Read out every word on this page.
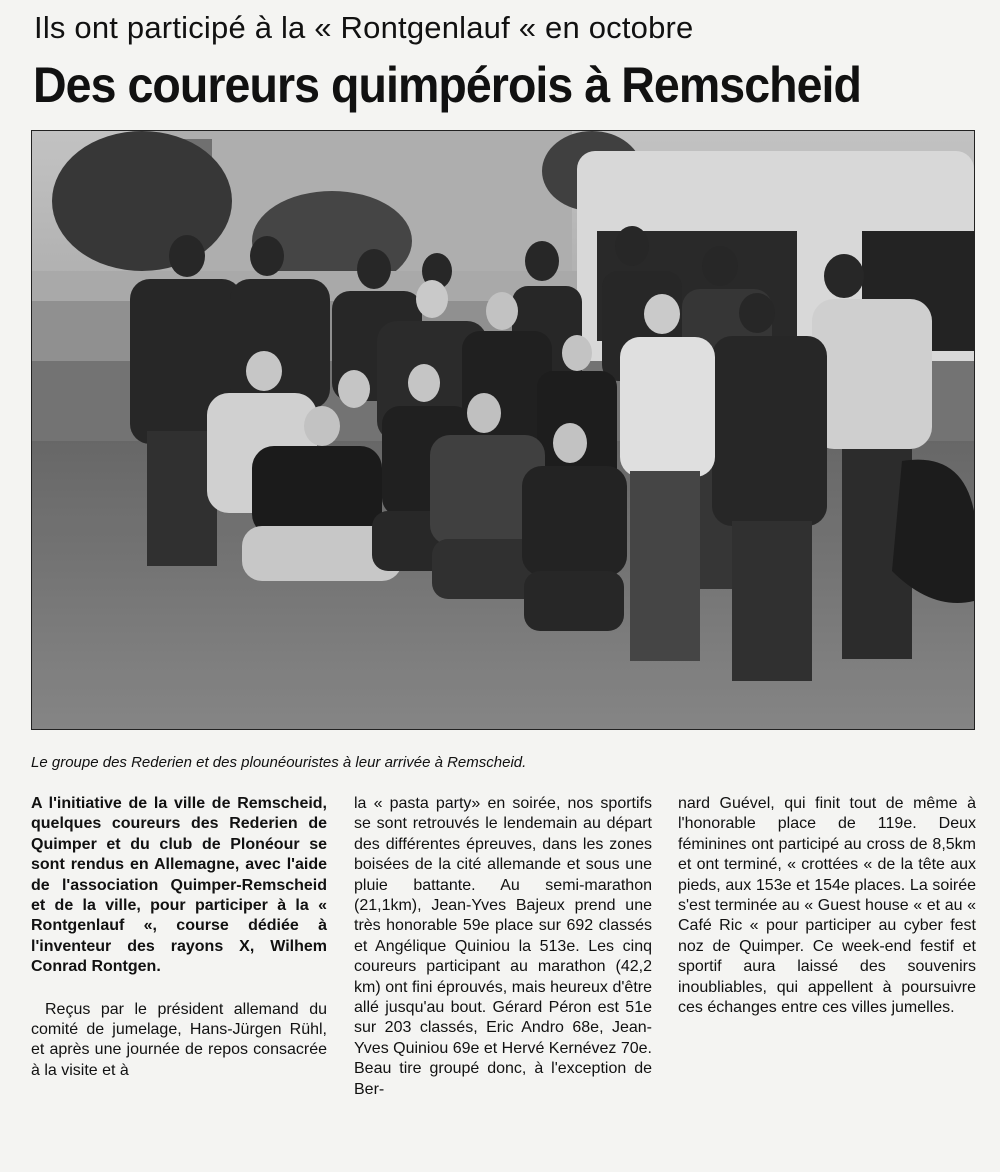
Ils ont participé à la « Rontgenlauf « en octobre
Des coureurs quimpérois à Remscheid
Le groupe des Rederien et des plounéouristes à leur arrivée à Remscheid.

A l'initiative de la ville de Remscheid, quelques coureurs des Rederien de Quimper et du club de Plonéour se sont rendus en Allemagne, avec l'aide de l'association Quimper-Remscheid et de la ville, pour participer à la « Rontgenlauf «, course dédiée à l'inventeur des rayons X, Wilhem Conrad Rontgen.

Reçus par le président allemand du comité de jumelage, Hans-Jürgen Rühl, et après une journée de repos consacrée à la visite et à

la « pasta party» en soirée, nos sportifs se sont retrouvés le lendemain au départ des différentes épreuves, dans les zones boisées de la cité allemande et sous une pluie battante. Au semi-marathon (21,1km), Jean-Yves Bajeux prend une très honorable 59e place sur 692 classés et Angélique Quiniou la 513e. Les cinq coureurs participant au marathon (42,2 km) ont fini éprouvés, mais heureux d'être allé jusqu'au bout. Gérard Péron est 51e sur 203 classés, Eric Andro 68e, Jean-Yves Quiniou 69e et Hervé Kernévez 70e. Beau tire groupé donc, à l'exception de Ber-

nard Guével, qui finit tout de même à l'honorable place de 119e. Deux féminines ont participé au cross de 8,5km et ont terminé, « crottées « de la tête aux pieds, aux 153e et 154e places. La soirée s'est terminée au « Guest house « et au « Café Ric « pour participer au cyber fest noz de Quimper. Ce week-end festif et sportif aura laissé des souvenirs inoubliables, qui appellent à poursuivre ces échanges entre ces villes jumelles.
